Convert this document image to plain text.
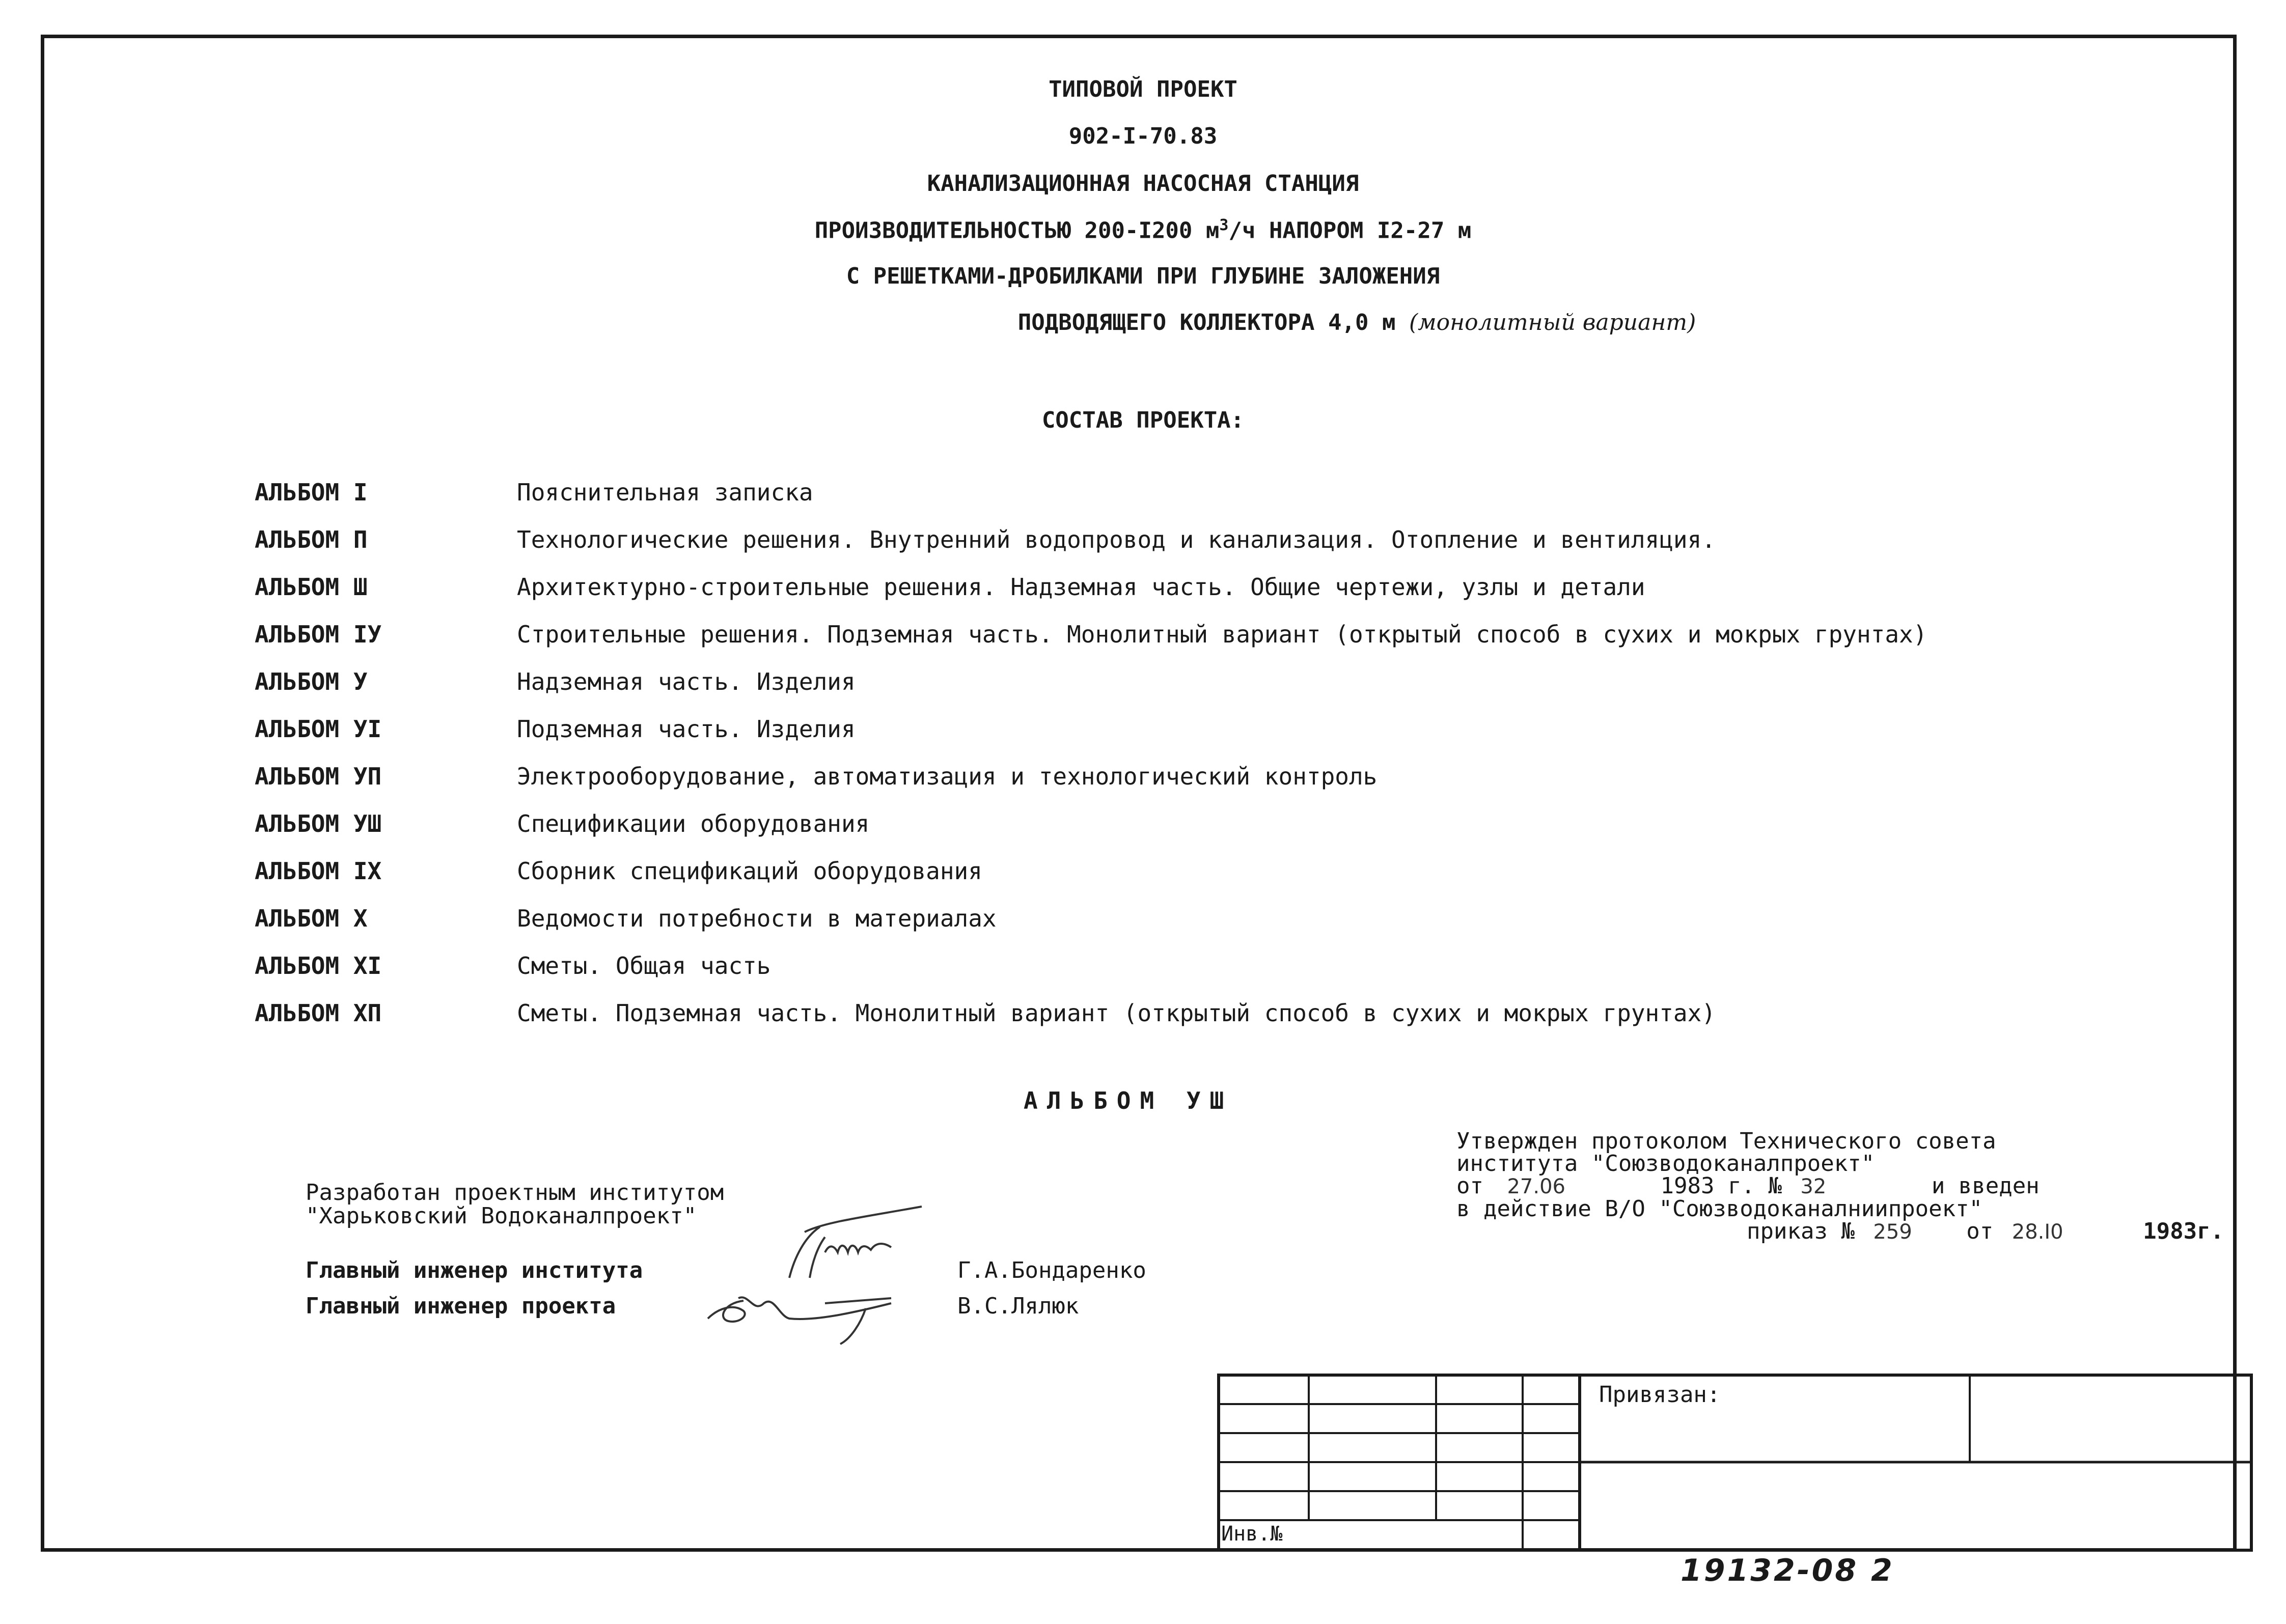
ТИПОВОЙ ПРОЕКТ
902-I-70.83
КАНАЛИЗАЦИОННАЯ НАСОСНАЯ СТАНЦИЯ
ПРОИЗВОДИТЕЛЬНОСТЬЮ 200-I200 $м^3/ч$ НАПОРОМ I2-27 м
С РЕШЕТКАМИ-ДРОБИЛКАМИ ПРИ ГЛУБИНЕ ЗАЛОЖЕНИЯ
ПОДВОДЯЩЕГО КОЛЛЕКТОРА 4,0 м (монолитный вариант)
СОСТАВ ПРОЕКТА:
АЛЬБОМ I	Пояснительная записка
АЛЬБОМ П	Технологические решения. Внутренний водопровод и канализация. Отопление и вентиляция.
АЛЬБОМ Ш	Архитектурно-строительные решения. Надземная часть. Общие чертежи, узлы и детали
АЛЬБОМ IУ	Строительные решения. Подземная часть. Монолитный вариант (открытый способ в сухих и мокрых грунтах)
АЛЬБОМ У	Надземная часть. Изделия
АЛЬБОМ УI	Подземная часть. Изделия
АЛЬБОМ УП	Электрооборудование, автоматизация и технологический контроль
АЛЬБОМ УШ	Спецификации оборудования
АЛЬБОМ IX	Сборник спецификаций оборудования
АЛЬБОМ X	Ведомости потребности в материалах
АЛЬБОМ XI	Сметы. Общая часть
АЛЬБОМ XП	Сметы. Подземная часть. Монолитный вариант (открытый способ в сухих и мокрых грунтах)
АЛЬБОМ УШ
Разработан проектным институтом
"Харьковский Водоканалпроект"
Главный инженер института	Г.А.Бондаренко
Главный инженер проекта	В.С.Лялюк
Утвержден протоколом Технического совета
института "Союзводоканалпроект"
от 27.06	1983 г. № 32	и введен
в действие В/О "Союзводоканалниипроект"
приказ № 259 от 28.I0	1983г.
Привязан:
Инв.№
19132-08 2
